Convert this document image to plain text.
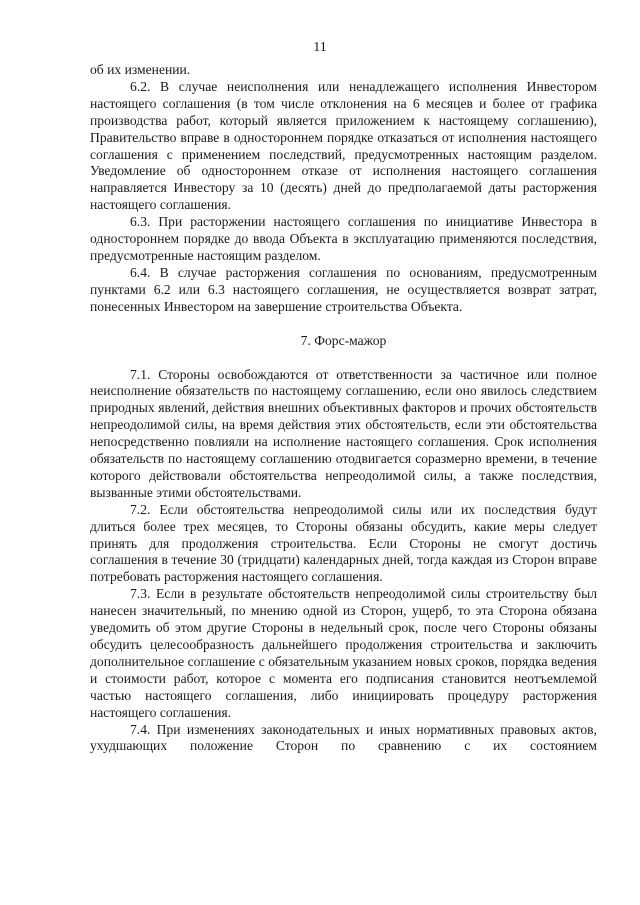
11

об их изменении.

6.2. В случае неисполнения или ненадлежащего исполнения Инвестором настоящего соглашения (в том числе отклонения на 6 месяцев и более от графика производства работ, который является приложением к настоящему соглашению), Правительство вправе в одностороннем порядке отказаться от исполнения настоящего соглашения с применением последствий, предусмотренных настоящим разделом. Уведомление об одностороннем отказе от исполнения настоящего соглашения направляется Инвестору за 10 (десять) дней до предполагаемой даты расторжения настоящего соглашения.

6.3. При расторжении настоящего соглашения по инициативе Инвестора в одностороннем порядке до ввода Объекта в эксплуатацию применяются последствия, предусмотренные настоящим разделом.

6.4. В случае расторжения соглашения по основаниям, предусмотренным пунктами 6.2 или 6.3 настоящего соглашения, не осуществляется возврат затрат, понесенных Инвестором на завершение строительства Объекта.

7. Форс-мажор

7.1. Стороны освобождаются от ответственности за частичное или полное неисполнение обязательств по настоящему соглашению, если оно явилось следствием природных явлений, действия внешних объективных факторов и прочих обстоятельств непреодолимой силы, на время действия этих обстоятельств, если эти обстоятельства непосредственно повлияли на исполнение настоящего соглашения. Срок исполнения обязательств по настоящему соглашению отодвигается соразмерно времени, в течение которого действовали обстоятельства непреодолимой силы, а также последствия, вызванные этими обстоятельствами.

7.2. Если обстоятельства непреодолимой силы или их последствия будут длиться более трех месяцев, то Стороны обязаны обсудить, какие меры следует принять для продолжения строительства. Если Стороны не смогут достичь соглашения в течение 30 (тридцати) календарных дней, тогда каждая из Сторон вправе потребовать расторжения настоящего соглашения.

7.3. Если в результате обстоятельств непреодолимой силы строительству был нанесен значительный, по мнению одной из Сторон, ущерб, то эта Сторона обязана уведомить об этом другие Стороны в недельный срок, после чего Стороны обязаны обсудить целесообразность дальнейшего продолжения строительства и заключить дополнительное соглашение с обязательным указанием новых сроков, порядка ведения и стоимости работ, которое с момента его подписания становится неотъемлемой частью настоящего соглашения, либо инициировать процедуру расторжения настоящего соглашения.

7.4. При изменениях законодательных и иных нормативных правовых актов, ухудшающих положение Сторон по сравнению с их состоянием
